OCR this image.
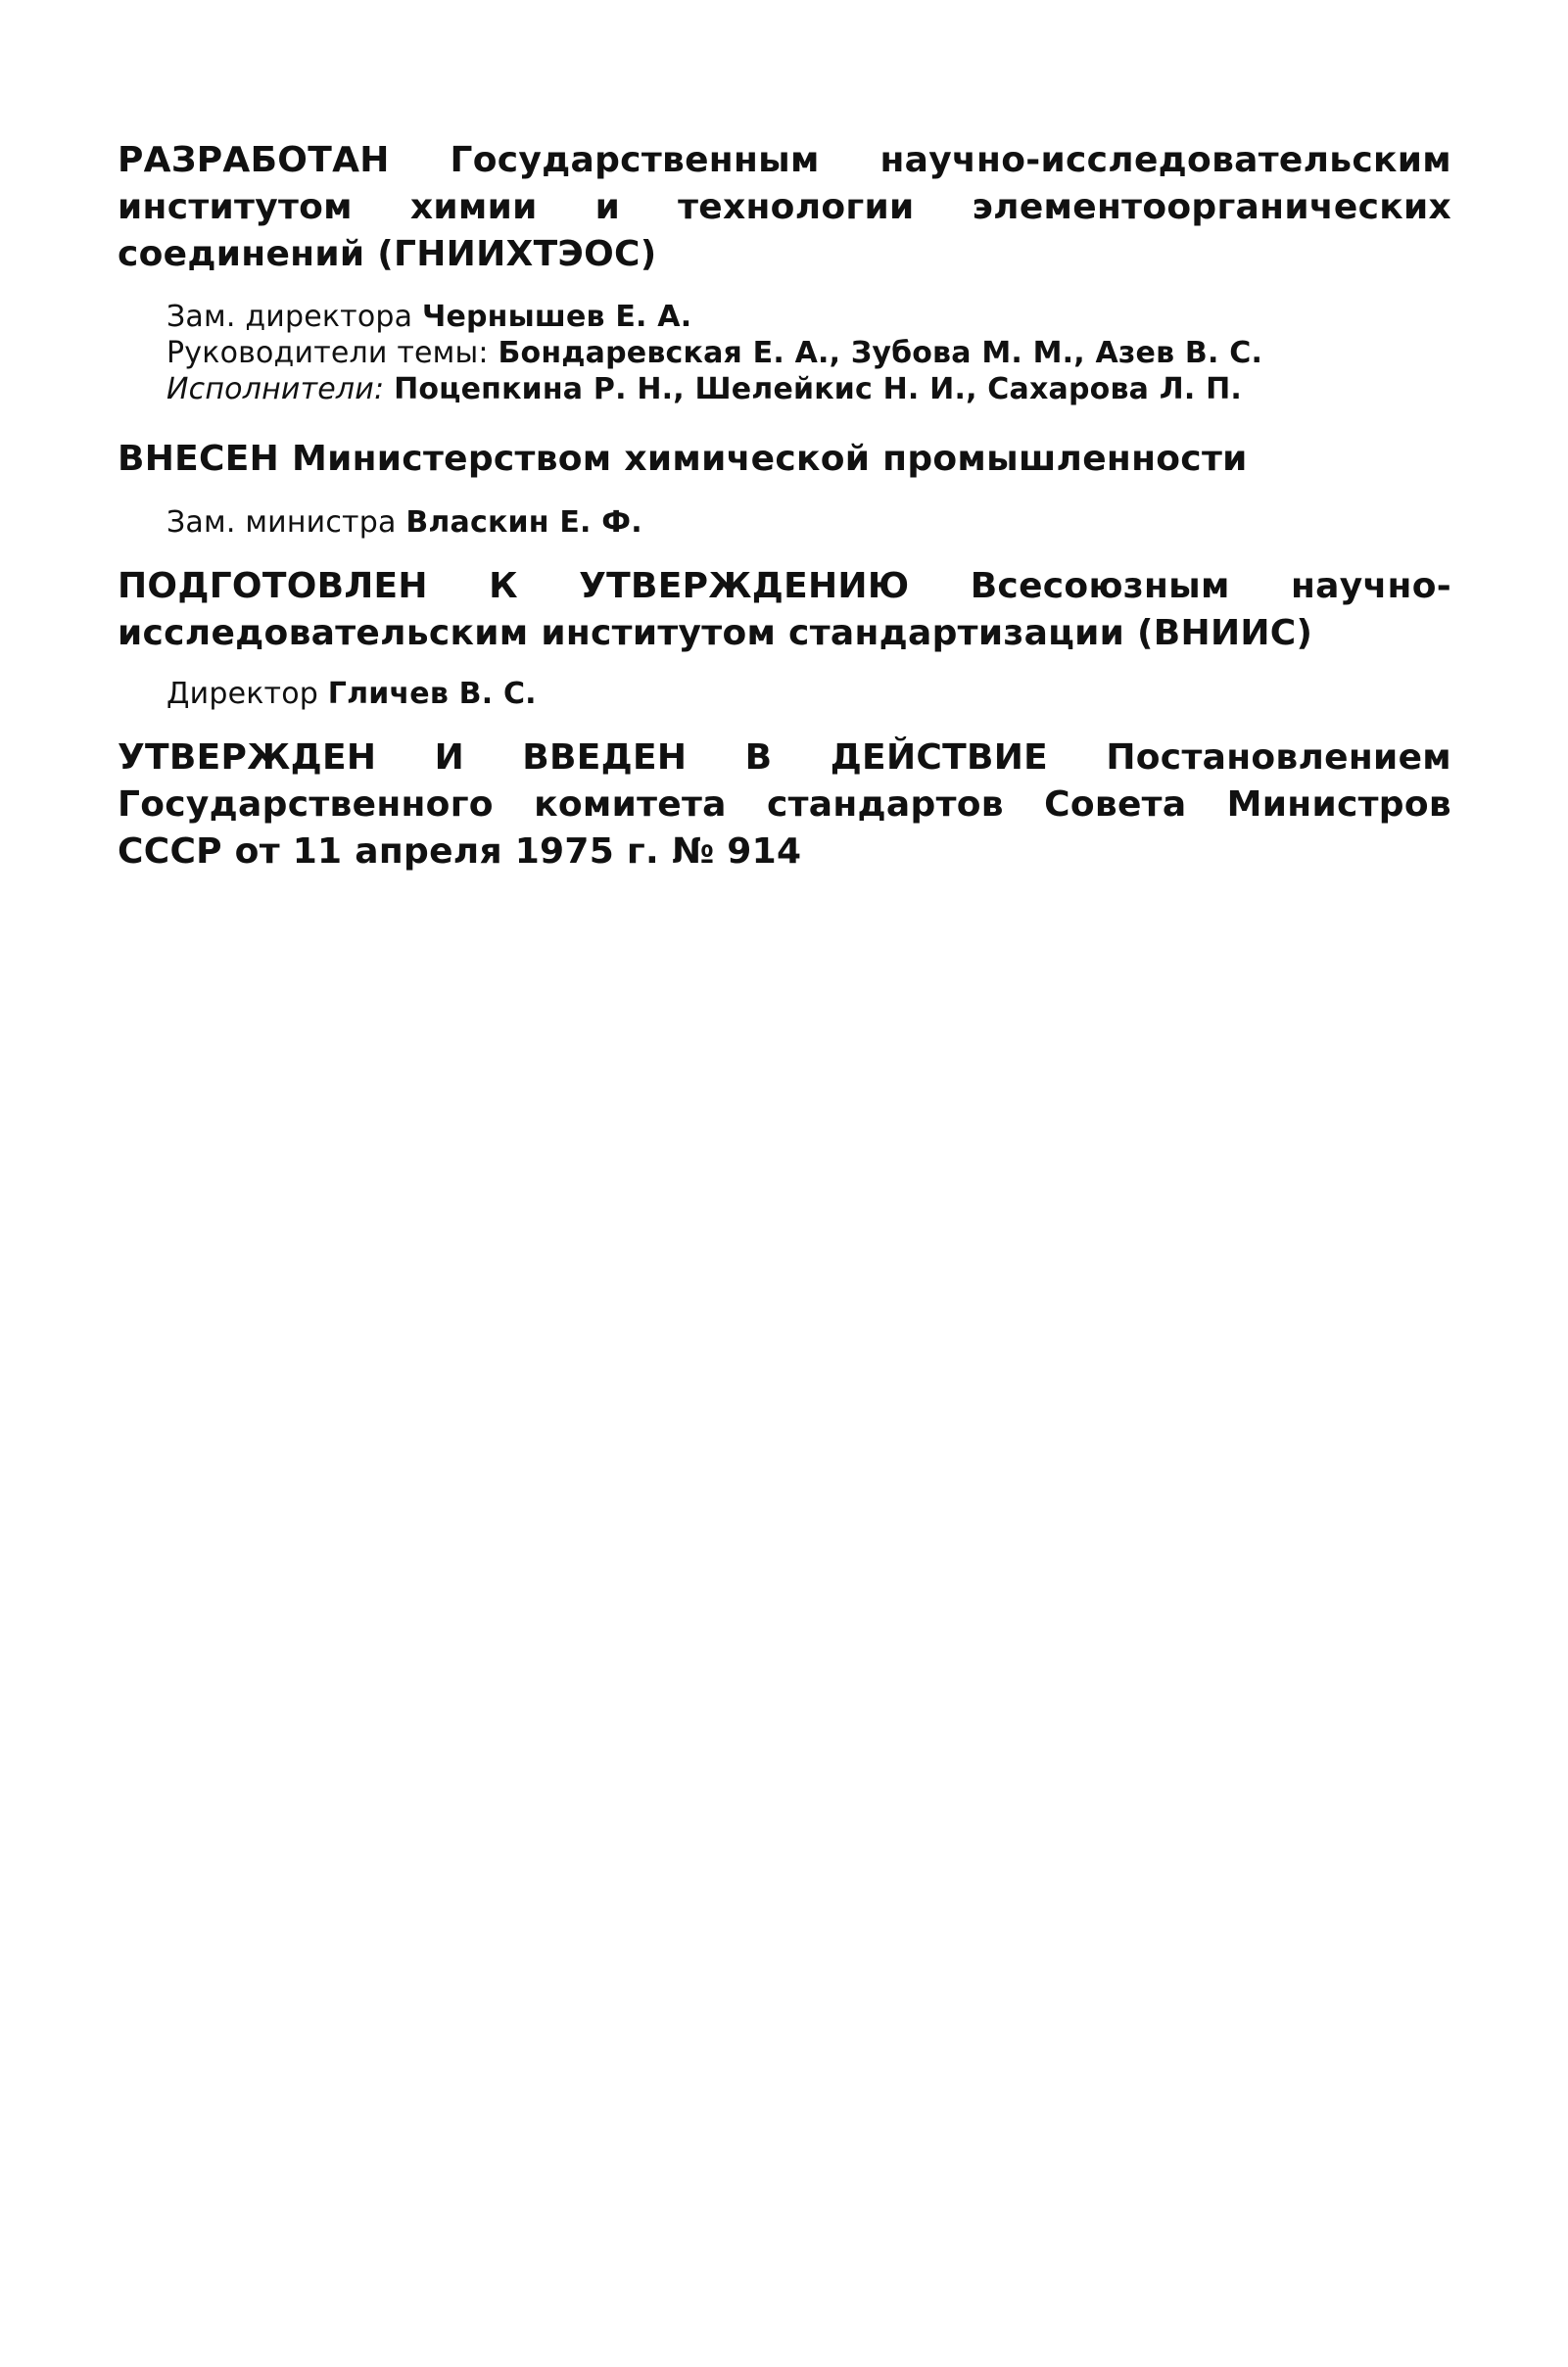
РАЗРАБОТАН Государственным научно-исследовательским институтом химии и технологии элементоорганических соединений (ГНИИХТЭОС)

Зам. директора Чернышев Е. А.

Руководители темы: Бондаревская Е. А., Зубова М. М., Азев В. С.

Исполнители: Поцепкина Р. Н., Шелейкис Н. И., Сахарова Л. П.

ВНЕСЕН Министерством химической промышленности

Зам. министра Власкин Е. Ф.

ПОДГОТОВЛЕН К УТВЕРЖДЕНИЮ Всесоюзным научно-исследовательским институтом стандартизации (ВНИИС)

Директор Гличев В. С.

УТВЕРЖДЕН И ВВЕДЕН В ДЕЙСТВИЕ Постановлением Государственного комитета стандартов Совета Министров СССР от 11 апреля 1975 г. № 914
